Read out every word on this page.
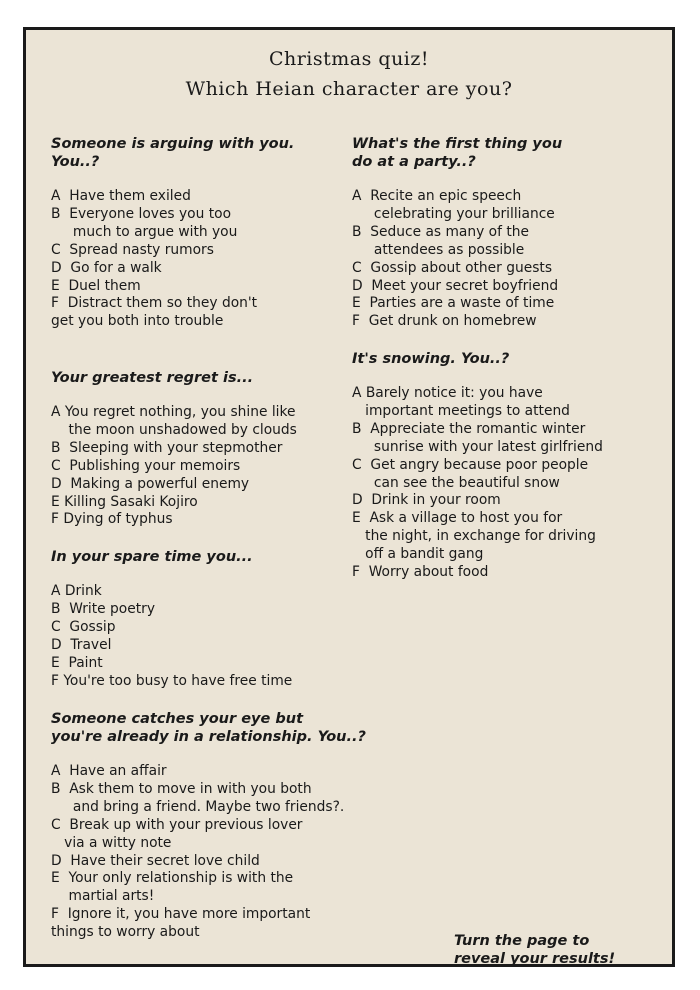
Christmas quiz!
Which Heian character are you?
Someone is arguing with you.
You..?
A  Have them exiled
B  Everyone loves you too
much to argue with you
C  Spread nasty rumors
D  Go for a walk
E  Duel them
F  Distract them so they don't
get you both into trouble
Your greatest regret is...
A You regret nothing, you shine like
the moon unshadowed by clouds
B  Sleeping with your stepmother
C  Publishing your memoirs
D  Making a powerful enemy
E Killing Sasaki Kojiro
F Dying of typhus
In your spare time you...
A Drink
B  Write poetry
C  Gossip
D  Travel
E  Paint
F You're too busy to have free time
Someone catches your eye but
you're already in a relationship. You..?
A  Have an affair
B  Ask them to move in with you both
and bring a friend. Maybe two friends?.
C  Break up with your previous lover
via a witty note
D  Have their secret love child
E  Your only relationship is with the
martial arts!
F  Ignore it, you have more important
things to worry about
What's the first thing you
do at a party..?
A  Recite an epic speech
celebrating your brilliance
B  Seduce as many of the
attendees as possible
C  Gossip about other guests
D  Meet your secret boyfriend
E  Parties are a waste of time
F  Get drunk on homebrew
It's snowing. You..?
A Barely notice it: you have
important meetings to attend
B  Appreciate the romantic winter
sunrise with your latest girlfriend
C  Get angry because poor people
can see the beautiful snow
D  Drink in your room
E  Ask a village to host you for
the night, in exchange for driving
off a bandit gang
F  Worry about food
Turn the page to
reveal your results!
